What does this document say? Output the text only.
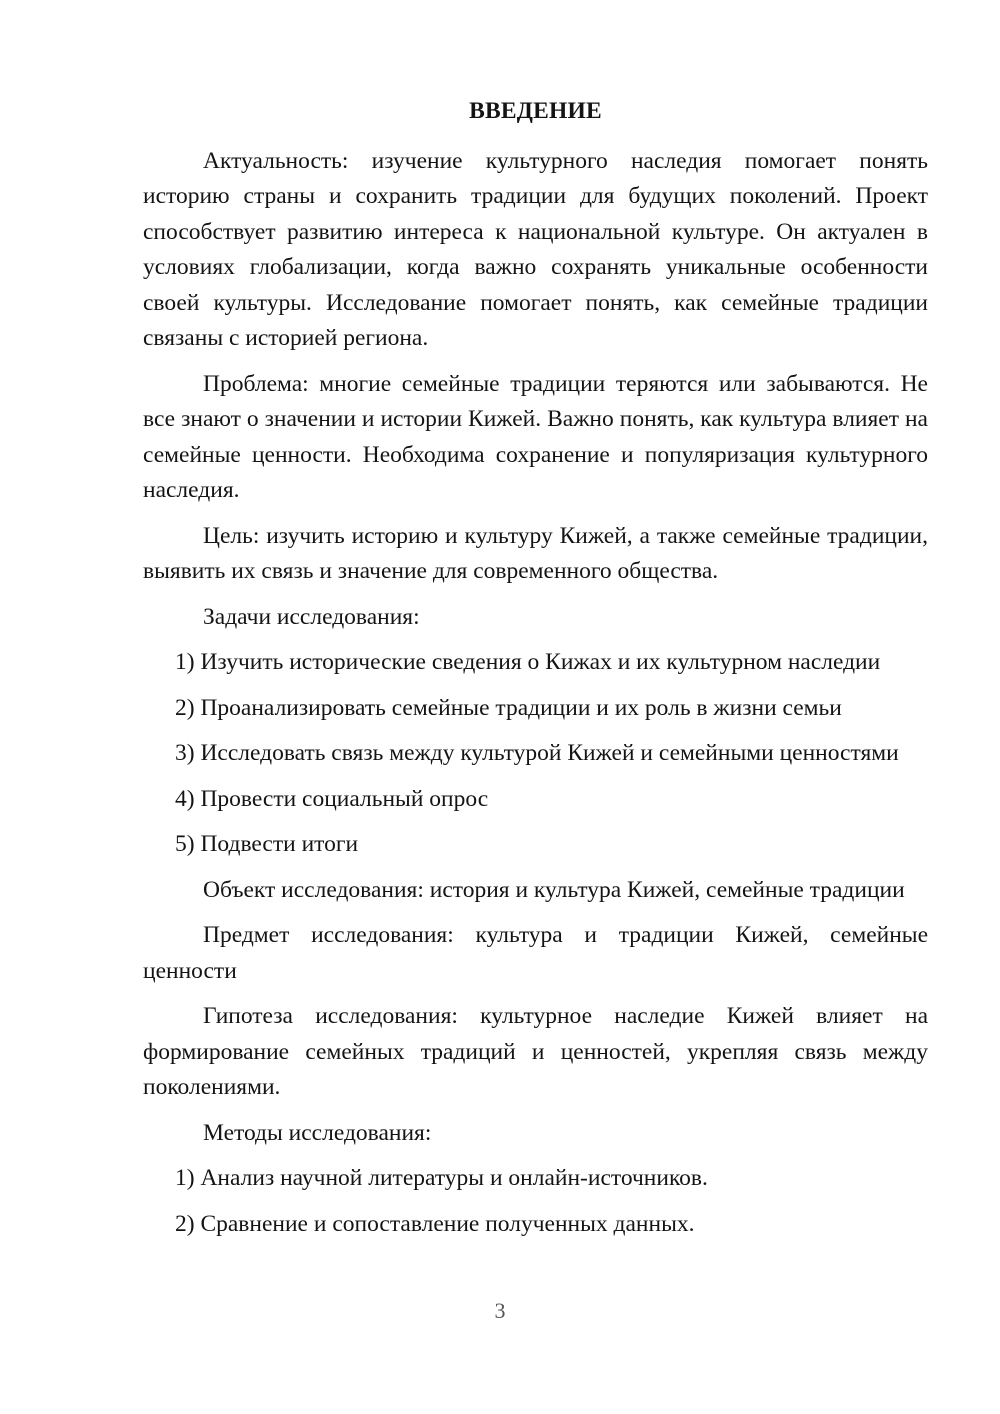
ВВЕДЕНИЕ

Актуальность: изучение культурного наследия помогает понять историю страны и сохранить традиции для будущих поколений. Проект способствует развитию интереса к национальной культуре. Он актуален в условиях глобализации, когда важно сохранять уникальные особенности своей культуры. Исследование помогает понять, как семейные традиции связаны с историей региона.

Проблема: многие семейные традиции теряются или забываются. Не все знают о значении и истории Кижей. Важно понять, как культура влияет на семейные ценности. Необходима сохранение и популяризация культурного наследия.

Цель: изучить историю и культуру Кижей, а также семейные традиции, выявить их связь и значение для современного общества.

Задачи исследования:

1) Изучить исторические сведения о Кижах и их культурном наследии

2) Проанализировать семейные традиции и их роль в жизни семьи

3) Исследовать связь между культурой Кижей и семейными ценностями

4) Провести социальный опрос

5) Подвести итоги

Объект исследования: история и культура Кижей, семейные традиции

Предмет исследования: культура и традиции Кижей, семейные ценности

Гипотеза исследования: культурное наследие Кижей влияет на формирование семейных традиций и ценностей, укрепляя связь между поколениями.

Методы исследования:

1) Анализ научной литературы и онлайн-источников.

2) Сравнение и сопоставление полученных данных.

3
